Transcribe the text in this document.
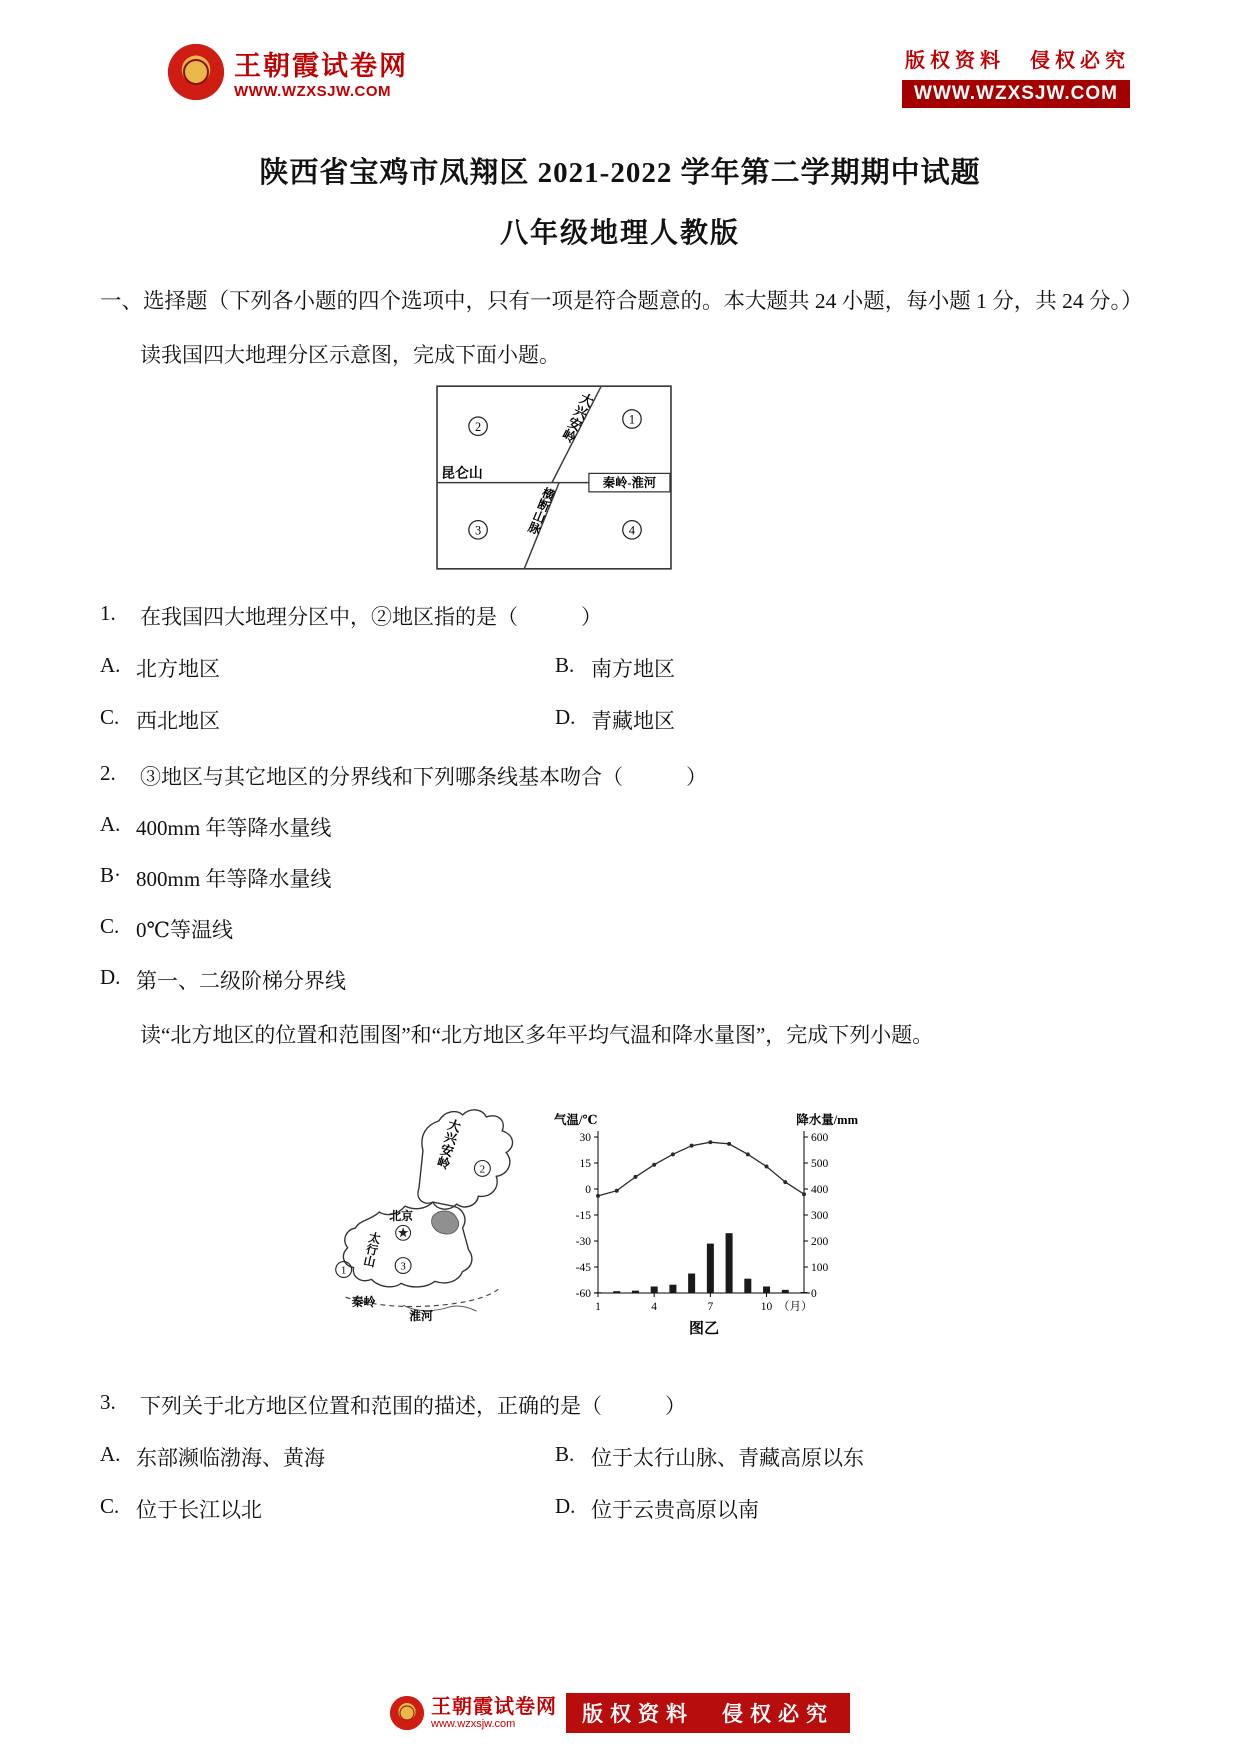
王朝霞试卷网
WWW.WZXSJW.COM
版权资料　侵权必究
WWW.WZXSJW.COM
陕西省宝鸡市凤翔区 2021-2022 学年第二学期期中试题
八年级地理人教版

一、选择题（下列各小题的四个选项中，只有一项是符合题意的。本大题共 24 小题，每小题 1 分，共 24 分。）

读我国四大地理分区示意图，完成下面小题。

大兴安岭
2
1
昆仑山
秦岭-淮河
横断山脉
3	4

1.	在我国四大地理分区中，②地区指的是（　　　）

A. 北方地区	B. 南方地区

C. 西北地区	D. 青藏地区

2.	③地区与其它地区的分界线和下列哪条线基本吻合（　　　）

A. 400mm 年等降水量线

B· 800mm 年等降水量线

C. 0℃等温线

D. 第一、二级阶梯分界线

读“北方地区的位置和范围图”和“北方地区多年平均气温和降水量图”，完成下列小题。

大兴安岭 2
北京
太行山
1	3
秦岭
淮河
气温/℃	降水量/mm
图乙
30
15
0
-15
-30
-45
-60
600
500
400
300
200
100
0
1	4	7	10 （月）

3.	下列关于北方地区位置和范围的描述，正确的是（　　　）

A. 东部濒临渤海、黄海	B. 位于太行山脉、青藏高原以东

C. 位于长江以北	D. 位于云贵高原以南

王朝霞试卷网
www.wzxsjw.com	版权资料　侵权必究
